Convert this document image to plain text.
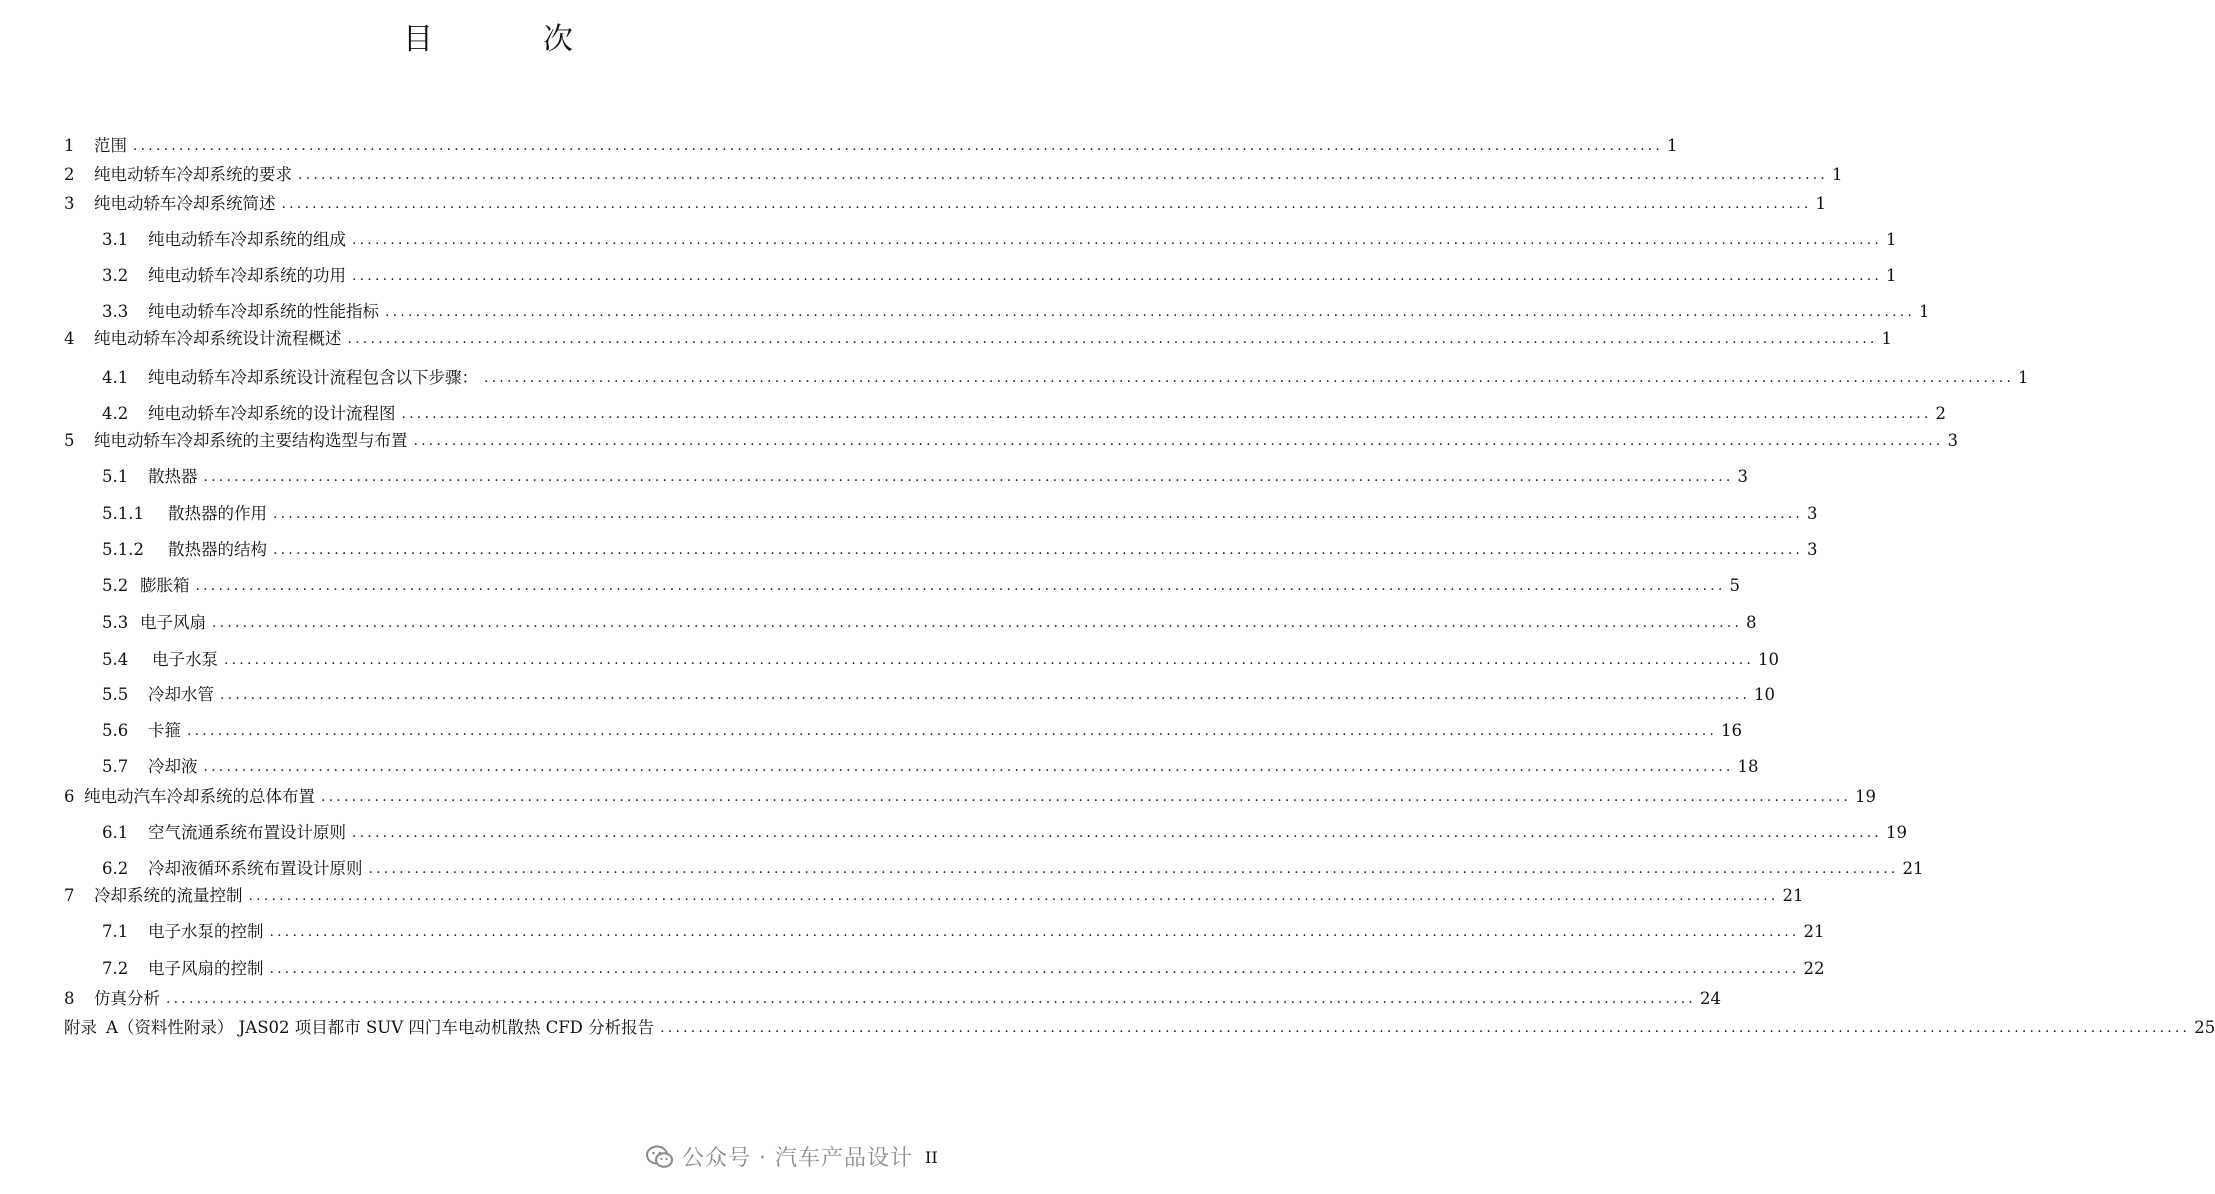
目　次
1	范围 ........................................................................................................................................................................................................ 1
2	纯电动轿车冷却系统的要求 ........................................................................................................................................................................................................ 1
3	纯电动轿车冷却系统简述 ........................................................................................................................................................................................................ 1
3.1	纯电动轿车冷却系统的组成 ........................................................................................................................................................................................................ 1
3.2	纯电动轿车冷却系统的功用 ........................................................................................................................................................................................................ 1
3.3	纯电动轿车冷却系统的性能指标 ........................................................................................................................................................................................................ 1
4	纯电动轿车冷却系统设计流程概述 ........................................................................................................................................................................................................ 1
4.1	纯电动轿车冷却系统设计流程包含以下步骤： ........................................................................................................................................................................................................ 1
4.2	纯电动轿车冷却系统的设计流程图 ........................................................................................................................................................................................................ 2
5	纯电动轿车冷却系统的主要结构选型与布置 ........................................................................................................................................................................................................ 3
5.1	散热器 ........................................................................................................................................................................................................ 3
5.1.1	散热器的作用 ........................................................................................................................................................................................................ 3
5.1.2	散热器的结构 ........................................................................................................................................................................................................ 3
5.2 膨胀箱 ........................................................................................................................................................................................................ 5
5.3 电子风扇 ........................................................................................................................................................................................................ 8
5.4	电子水泵 ........................................................................................................................................................................................................ 10
5.5	冷却水管 ........................................................................................................................................................................................................ 10
5.6	卡箍 ........................................................................................................................................................................................................ 16
5.7	冷却液 ........................................................................................................................................................................................................ 18
6 纯电动汽车冷却系统的总体布置 ........................................................................................................................................................................................................ 19
6.1	空气流通系统布置设计原则 ........................................................................................................................................................................................................ 19
6.2	冷却液循环系统布置设计原则 ........................................................................................................................................................................................................ 21
7	冷却系统的流量控制 ........................................................................................................................................................................................................ 21
7.1	电子水泵的控制 ........................................................................................................................................................................................................ 21
7.2	电子风扇的控制 ........................................................................................................................................................................................................ 22
8	仿真分析 ........................................................................................................................................................................................................ 24
附录 A（资料性附录） JAS02 项目都市 SUV 四门车电动机散热 CFD 分析报告 ........................................................................................................................................................................................................ 25
公众号 · 汽车产品设计 II
